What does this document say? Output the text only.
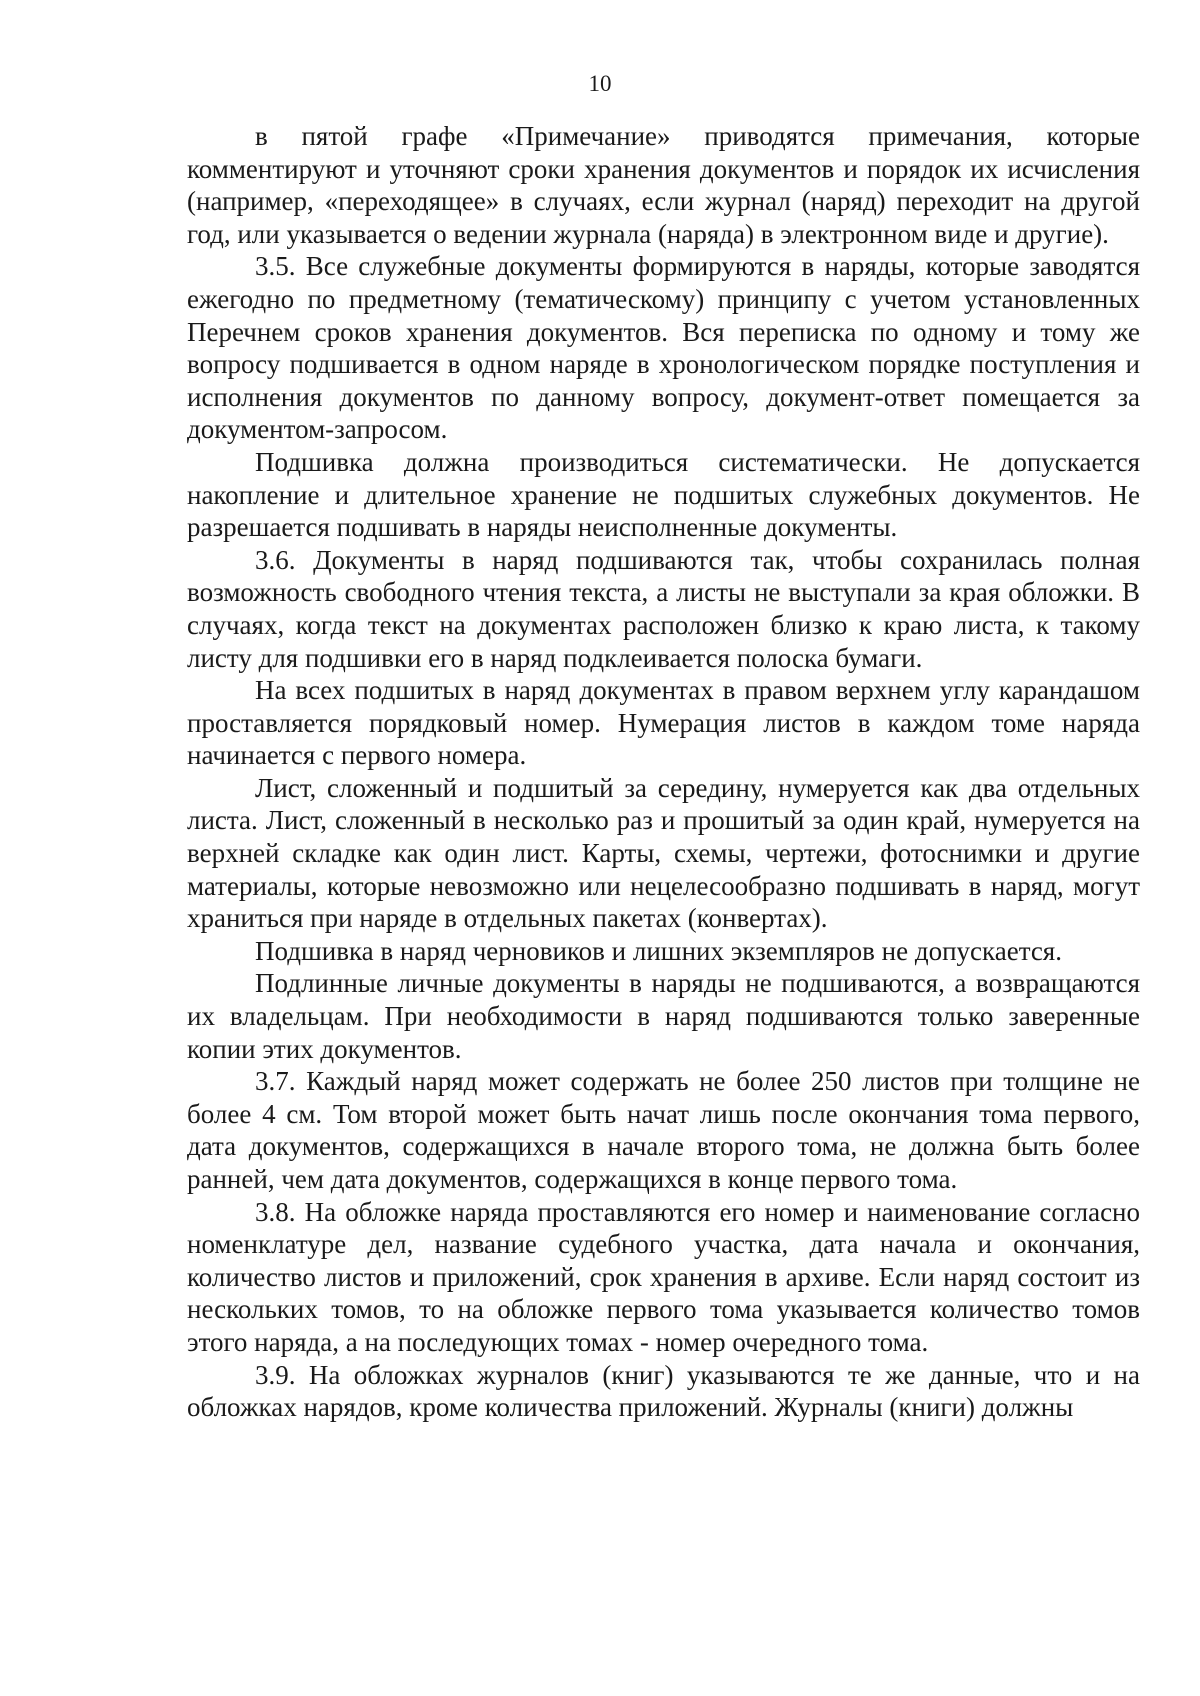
10

в пятой графе «Примечание» приводятся примечания, которые комментируют и уточняют сроки хранения документов и порядок их исчисления (например, «переходящее» в случаях, если журнал (наряд) переходит на другой год, или указывается о ведении журнала (наряда) в электронном виде и другие).

3.5. Все служебные документы формируются в наряды, которые заводятся ежегодно по предметному (тематическому) принципу с учетом установленных Перечнем сроков хранения документов. Вся переписка по одному и тому же вопросу подшивается в одном наряде в хронологическом порядке поступления и исполнения документов по данному вопросу, документ-ответ помещается за документом-запросом.

Подшивка должна производиться систематически. Не допускается накопление и длительное хранение не подшитых служебных документов. Не разрешается подшивать в наряды неисполненные документы.

3.6. Документы в наряд подшиваются так, чтобы сохранилась полная возможность свободного чтения текста, а листы не выступали за края обложки. В случаях, когда текст на документах расположен близко к краю листа, к такому листу для подшивки его в наряд подклеивается полоска бумаги.

На всех подшитых в наряд документах в правом верхнем углу карандашом проставляется порядковый номер. Нумерация листов в каждом томе наряда начинается с первого номера.

Лист, сложенный и подшитый за середину, нумеруется как два отдельных листа. Лист, сложенный в несколько раз и прошитый за один край, нумеруется на верхней складке как один лист. Карты, схемы, чертежи, фотоснимки и другие материалы, которые невозможно или нецелесообразно подшивать в наряд, могут храниться при наряде в отдельных пакетах (конвертах).

Подшивка в наряд черновиков и лишних экземпляров не допускается.

Подлинные личные документы в наряды не подшиваются, а возвращаются их владельцам. При необходимости в наряд подшиваются только заверенные копии этих документов.

3.7. Каждый наряд может содержать не более 250 листов при толщине не более 4 см. Том второй может быть начат лишь после окончания тома первого, дата документов, содержащихся в начале второго тома, не должна быть более ранней, чем дата документов, содержащихся в конце первого тома.

3.8. На обложке наряда проставляются его номер и наименование согласно номенклатуре дел, название судебного участка, дата начала и окончания, количество листов и приложений, срок хранения в архиве. Если наряд состоит из нескольких томов, то на обложке первого тома указывается количество томов этого наряда, а на последующих томах - номер очередного тома.

3.9. На обложках журналов (книг) указываются те же данные, что и на обложках нарядов, кроме количества приложений. Журналы (книги) должны
